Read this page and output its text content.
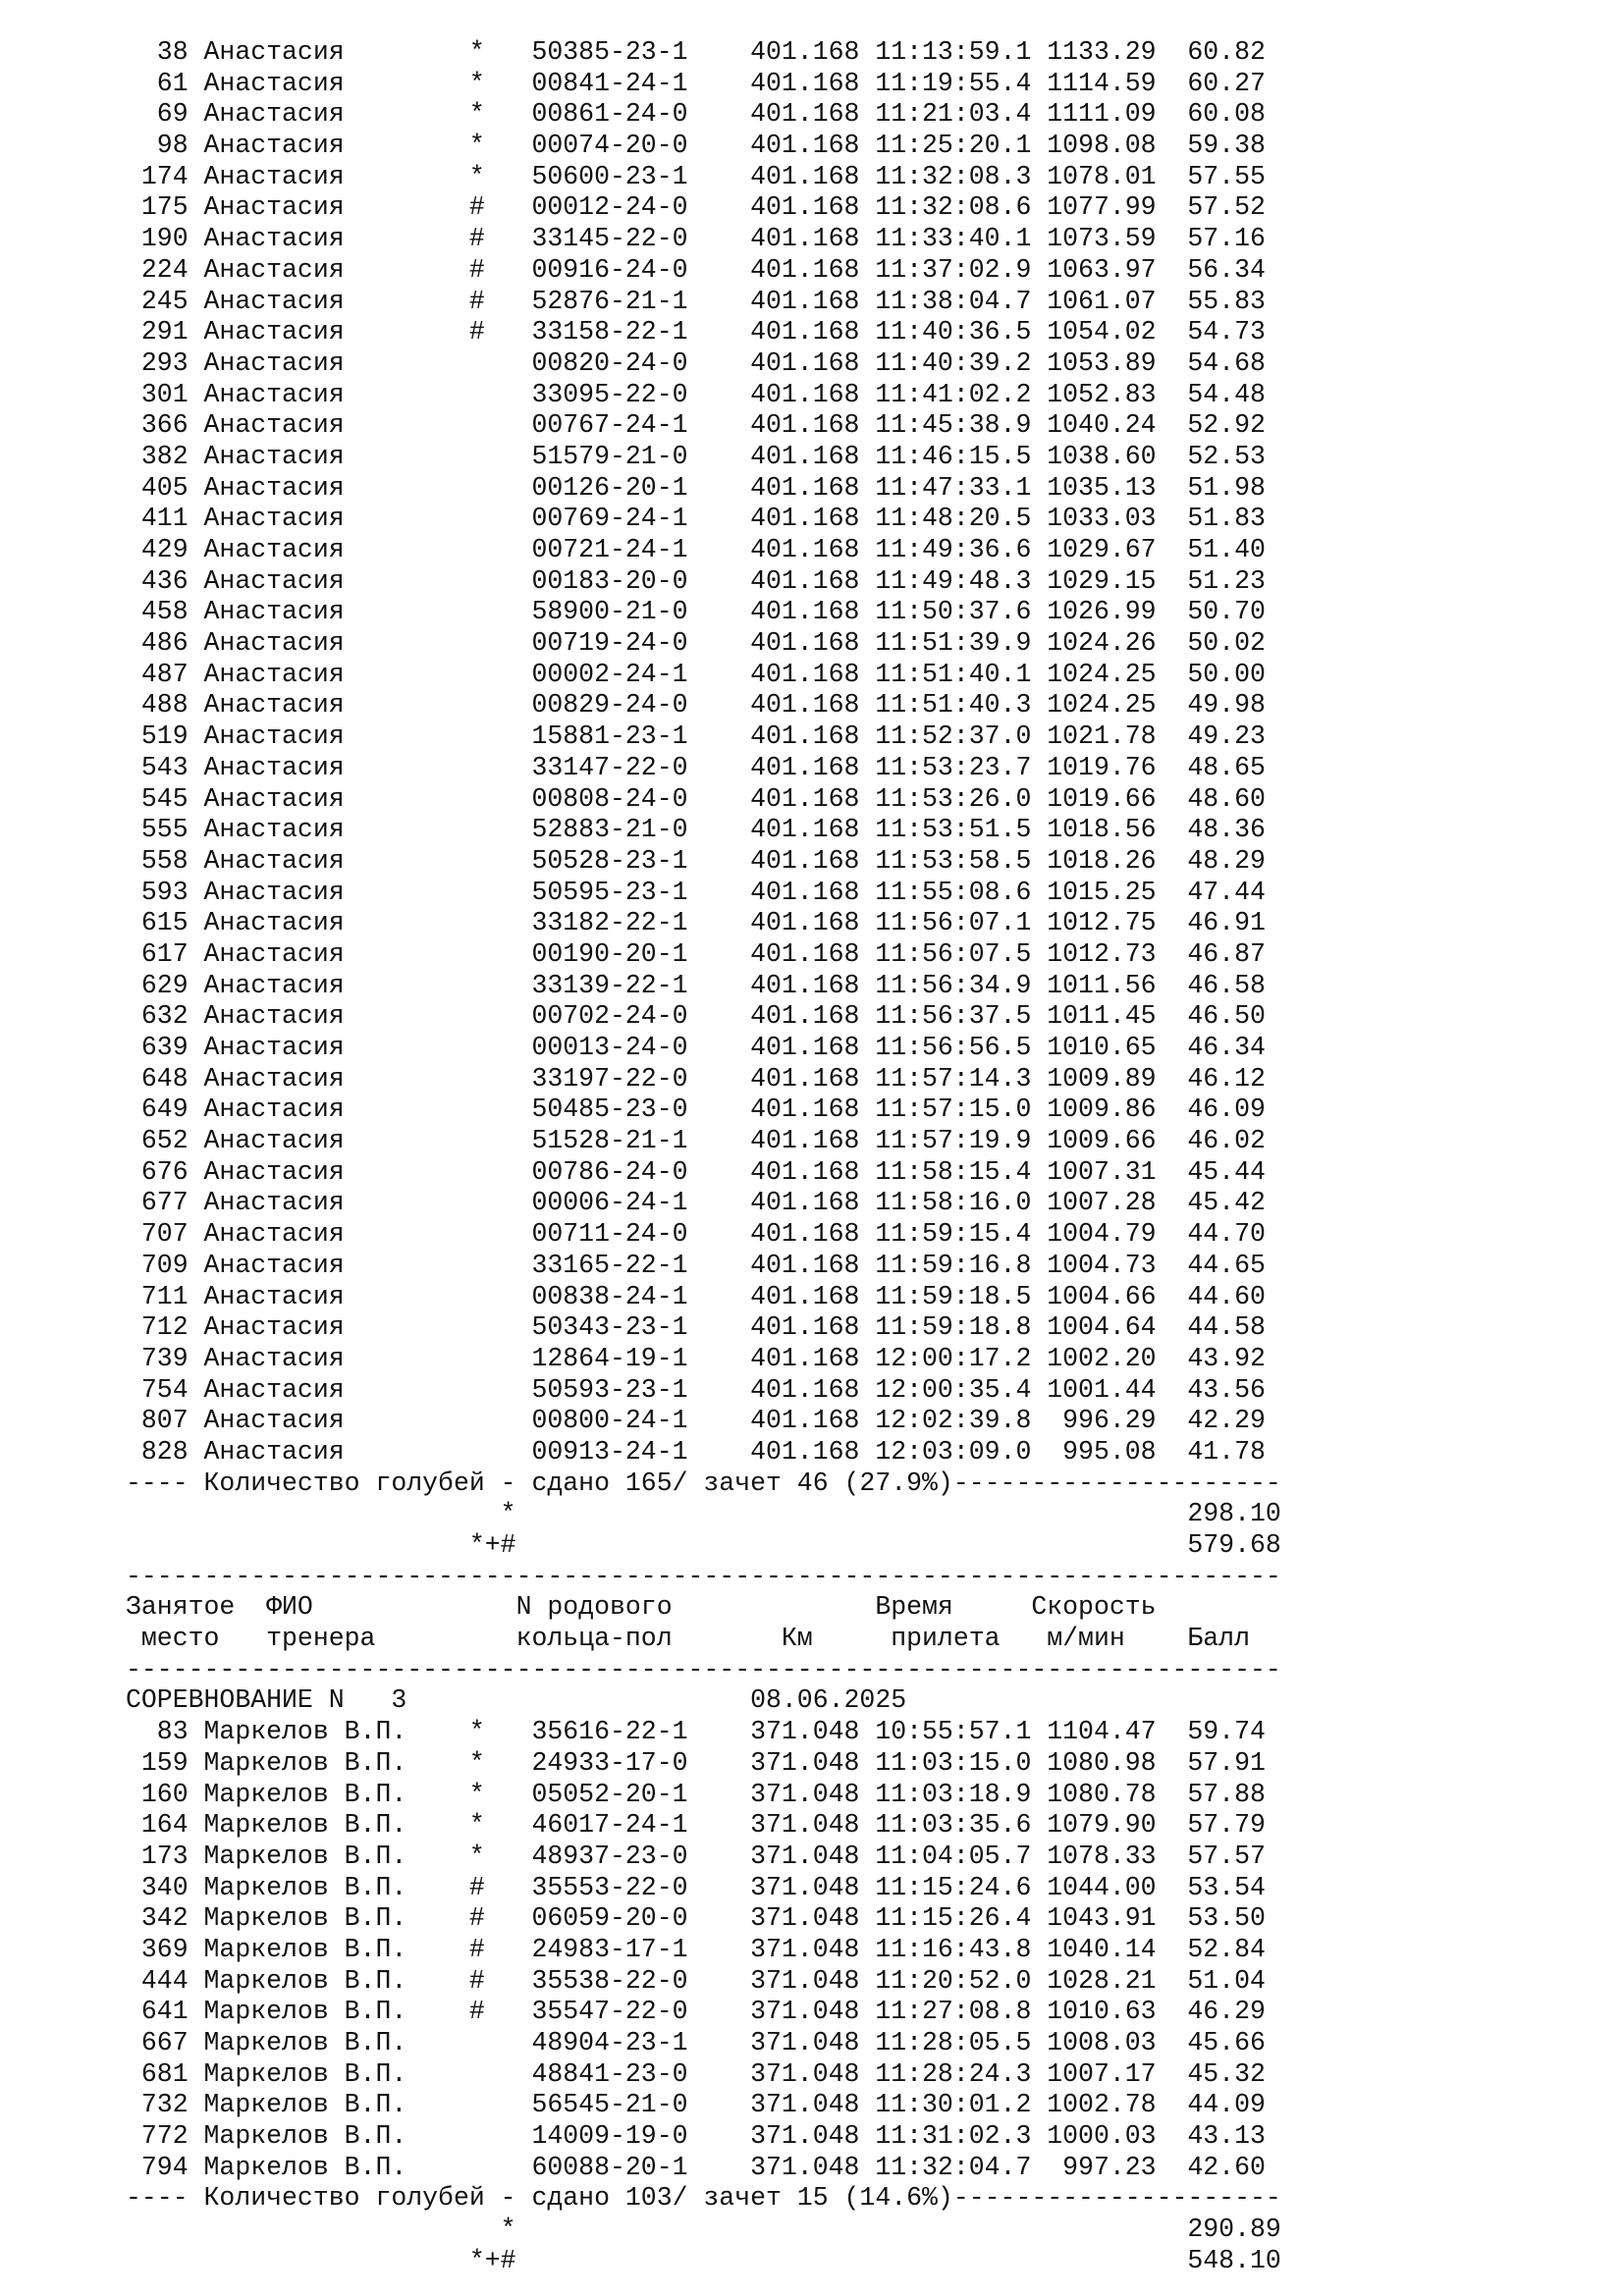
38 Анастасия        *   50385-23-1    401.168 11:13:59.1 1133.29  60.82
61 Анастасия        *   00841-24-1    401.168 11:19:55.4 1114.59  60.27
69 Анастасия        *   00861-24-0    401.168 11:21:03.4 1111.09  60.08
98 Анастасия        *   00074-20-0    401.168 11:25:20.1 1098.08  59.38
174 Анастасия        *   50600-23-1    401.168 11:32:08.3 1078.01  57.55
175 Анастасия        #   00012-24-0    401.168 11:32:08.6 1077.99  57.52
190 Анастасия        #   33145-22-0    401.168 11:33:40.1 1073.59  57.16
224 Анастасия        #   00916-24-0    401.168 11:37:02.9 1063.97  56.34
245 Анастасия        #   52876-21-1    401.168 11:38:04.7 1061.07  55.83
291 Анастасия        #   33158-22-1    401.168 11:40:36.5 1054.02  54.73
293 Анастасия            00820-24-0    401.168 11:40:39.2 1053.89  54.68
301 Анастасия            33095-22-0    401.168 11:41:02.2 1052.83  54.48
366 Анастасия            00767-24-1    401.168 11:45:38.9 1040.24  52.92
382 Анастасия            51579-21-0    401.168 11:46:15.5 1038.60  52.53
405 Анастасия            00126-20-1    401.168 11:47:33.1 1035.13  51.98
411 Анастасия            00769-24-1    401.168 11:48:20.5 1033.03  51.83
429 Анастасия            00721-24-1    401.168 11:49:36.6 1029.67  51.40
436 Анастасия            00183-20-0    401.168 11:49:48.3 1029.15  51.23
458 Анастасия            58900-21-0    401.168 11:50:37.6 1026.99  50.70
486 Анастасия            00719-24-0    401.168 11:51:39.9 1024.26  50.02
487 Анастасия            00002-24-1    401.168 11:51:40.1 1024.25  50.00
488 Анастасия            00829-24-0    401.168 11:51:40.3 1024.25  49.98
519 Анастасия            15881-23-1    401.168 11:52:37.0 1021.78  49.23
543 Анастасия            33147-22-0    401.168 11:53:23.7 1019.76  48.65
545 Анастасия            00808-24-0    401.168 11:53:26.0 1019.66  48.60
555 Анастасия            52883-21-0    401.168 11:53:51.5 1018.56  48.36
558 Анастасия            50528-23-1    401.168 11:53:58.5 1018.26  48.29
593 Анастасия            50595-23-1    401.168 11:55:08.6 1015.25  47.44
615 Анастасия            33182-22-1    401.168 11:56:07.1 1012.75  46.91
617 Анастасия            00190-20-1    401.168 11:56:07.5 1012.73  46.87
629 Анастасия            33139-22-1    401.168 11:56:34.9 1011.56  46.58
632 Анастасия            00702-24-0    401.168 11:56:37.5 1011.45  46.50
639 Анастасия            00013-24-0    401.168 11:56:56.5 1010.65  46.34
648 Анастасия            33197-22-0    401.168 11:57:14.3 1009.89  46.12
649 Анастасия            50485-23-0    401.168 11:57:15.0 1009.86  46.09
652 Анастасия            51528-21-1    401.168 11:57:19.9 1009.66  46.02
676 Анастасия            00786-24-0    401.168 11:58:15.4 1007.31  45.44
677 Анастасия            00006-24-1    401.168 11:58:16.0 1007.28  45.42
707 Анастасия            00711-24-0    401.168 11:59:15.4 1004.79  44.70
709 Анастасия            33165-22-1    401.168 11:59:16.8 1004.73  44.65
711 Анастасия            00838-24-1    401.168 11:59:18.5 1004.66  44.60
712 Анастасия            50343-23-1    401.168 11:59:18.8 1004.64  44.58
739 Анастасия            12864-19-1    401.168 12:00:17.2 1002.20  43.92
754 Анастасия            50593-23-1    401.168 12:00:35.4 1001.44  43.56
807 Анастасия            00800-24-1    401.168 12:02:39.8  996.29  42.29
828 Анастасия            00913-24-1    401.168 12:03:09.0  995.08  41.78
---- Количество голубей - сдано 165/ зачет 46 (27.9%)---------------------
*                                           298.10
*+#                                           579.68
--------------------------------------------------------------------------
Занятое  ФИО             N родового             Время     Скорость
место   тренера         кольца-пол       Км     прилета   м/мин    Балл
--------------------------------------------------------------------------
СОРЕВНОВАНИЕ N   3                      08.06.2025
83 Маркелов В.П.    *   35616-22-1    371.048 10:55:57.1 1104.47  59.74
159 Маркелов В.П.    *   24933-17-0    371.048 11:03:15.0 1080.98  57.91
160 Маркелов В.П.    *   05052-20-1    371.048 11:03:18.9 1080.78  57.88
164 Маркелов В.П.    *   46017-24-1    371.048 11:03:35.6 1079.90  57.79
173 Маркелов В.П.    *   48937-23-0    371.048 11:04:05.7 1078.33  57.57
340 Маркелов В.П.    #   35553-22-0    371.048 11:15:24.6 1044.00  53.54
342 Маркелов В.П.    #   06059-20-0    371.048 11:15:26.4 1043.91  53.50
369 Маркелов В.П.    #   24983-17-1    371.048 11:16:43.8 1040.14  52.84
444 Маркелов В.П.    #   35538-22-0    371.048 11:20:52.0 1028.21  51.04
641 Маркелов В.П.    #   35547-22-0    371.048 11:27:08.8 1010.63  46.29
667 Маркелов В.П.        48904-23-1    371.048 11:28:05.5 1008.03  45.66
681 Маркелов В.П.        48841-23-0    371.048 11:28:24.3 1007.17  45.32
732 Маркелов В.П.        56545-21-0    371.048 11:30:01.2 1002.78  44.09
772 Маркелов В.П.        14009-19-0    371.048 11:31:02.3 1000.03  43.13
794 Маркелов В.П.        60088-20-1    371.048 11:32:04.7  997.23  42.60
---- Количество голубей - сдано 103/ зачет 15 (14.6%)---------------------
*                                           290.89
*+#                                           548.10
